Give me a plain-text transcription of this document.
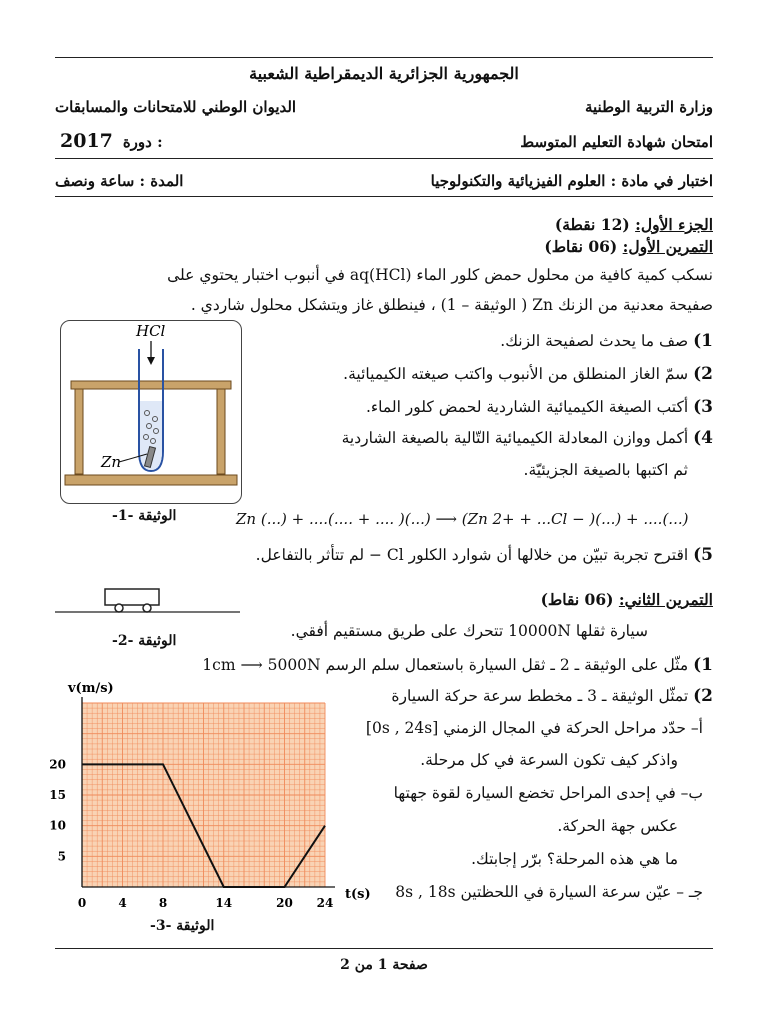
الجمهورية الجزائرية الديمقراطية الشعبية
وزارة التربية الوطنية
الديوان الوطني للامتحانات والمسابقات
امتحان شهادة التعليم المتوسط
2017 دورة :
اختبار في مادة : العلوم الفيزيائية والتكنولوجيا
المدة : ساعة ونصف
الجزء الأول: (12 نقطة)
التمرين الأول: (06 نقاط)
نسكب كمية كافية من محلول حمض كلور الماء (HCl)aq في أنبوب اختبار يحتوي على
صفيحة معدنية من الزنك Zn ( الوثيقة – 1) ، فينطلق غاز ويتشكل محلول شاردي .
HCl
Zn
الوثيقة -1-
1) صف ما يحدث لصفيحة الزنك.
2) سمّ الغاز المنطلق من الأنبوب واكتب صيغته الكيميائية.
3) أكتب الصيغة الكيميائية الشاردية لحمض كلور الماء.
4) أكمل ووازن المعادلة الكيميائية التّالية بالصيغة الشاردية
ثم اكتبها بالصيغة الجزيئيّة.
Zn (...) + ....(.... + .... )(...) ⟶ (Zn 2+ + ...Cl − )(...) + ....(...)
5) اقترح تجربة تبيّن من خلالها أن شوارد الكلور Cl − لم تتأثر بالتفاعل.
التمرين الثاني: (06 نقاط)
سيارة ثقلها 10000N تتحرك على طريق مستقيم أفقي.
الوثيقة -2-
1) مثّل على الوثيقة ـ 2 ـ ثقل السيارة باستعمال سلم الرسم 1cm ⟶ 5000N
2) تمثّل الوثيقة ـ 3 ـ مخطط سرعة حركة السيارة
أ– حدّد مراحل الحركة في المجال الزمني [0s , 24s]
واذكر كيف تكون السرعة في كل مرحلة.
ب– في إحدى المراحل تخضع السيارة لقوة جهتها
عكس جهة الحركة.
ما هي هذه المرحلة؟ برّر إجابتك.
جـ – عيّن سرعة السيارة في اللحظتين 8s , 18s
0	4	8	14	20 24
5
10
15
20
v(m/s)
t(s)
الوثيقة -3-
صفحة 1 من 2
